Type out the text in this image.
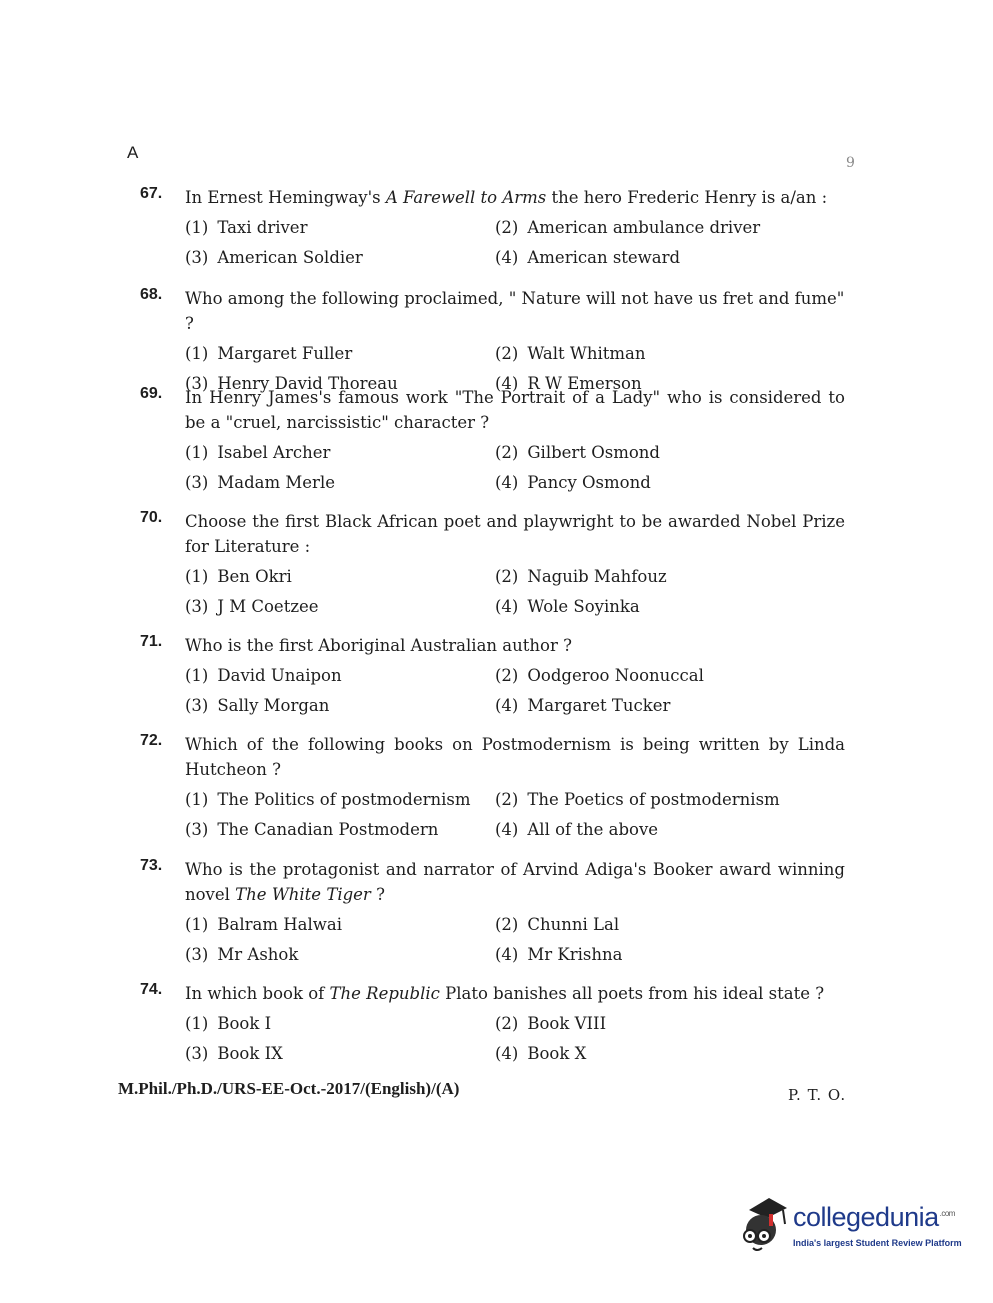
A
9
67. In Ernest Hemingway's A Farewell to Arms the hero Frederic Henry is a/an :
(1) Taxi driver	(2) American ambulance driver
(3) American Soldier	(4) American steward
68. Who among the following proclaimed, " Nature will not have us fret and fume" ?
(1) Margaret Fuller	(2) Walt Whitman
(3) Henry David Thoreau	(4) R W Emerson
69. In Henry James's famous work "The Portrait of a Lady" who is considered to be a "cruel, narcissistic" character ?
(1) Isabel Archer	(2) Gilbert Osmond
(3) Madam Merle	(4) Pancy Osmond
70. Choose the first Black African poet and playwright to be awarded Nobel Prize for Literature :
(1) Ben Okri	(2) Naguib Mahfouz
(3) J M Coetzee	(4) Wole Soyinka
71. Who is the first Aboriginal Australian author ?
(1) David Unaipon	(2) Oodgeroo Noonuccal
(3) Sally Morgan	(4) Margaret Tucker
72. Which of the following books on Postmodernism is being written by Linda Hutcheon ?
(1) The Politics of postmodernism	(2) The Poetics of postmodernism
(3) The Canadian Postmodern	(4) All of the above
73. Who is the protagonist and narrator of Arvind Adiga's Booker award winning novel The White Tiger ?
(1) Balram Halwai	(2) Chunni Lal
(3) Mr Ashok	(4) Mr Krishna
74. In which book of The Republic Plato banishes all poets from his ideal state ?
(1) Book I	(2) Book VIII
(3) Book IX	(4) Book X
M.Phil./Ph.D./URS-EE-Oct.-2017/(English)/(A)	P. T. O.
collegedunia$^{.com}$
India's largest Student Review Platform
